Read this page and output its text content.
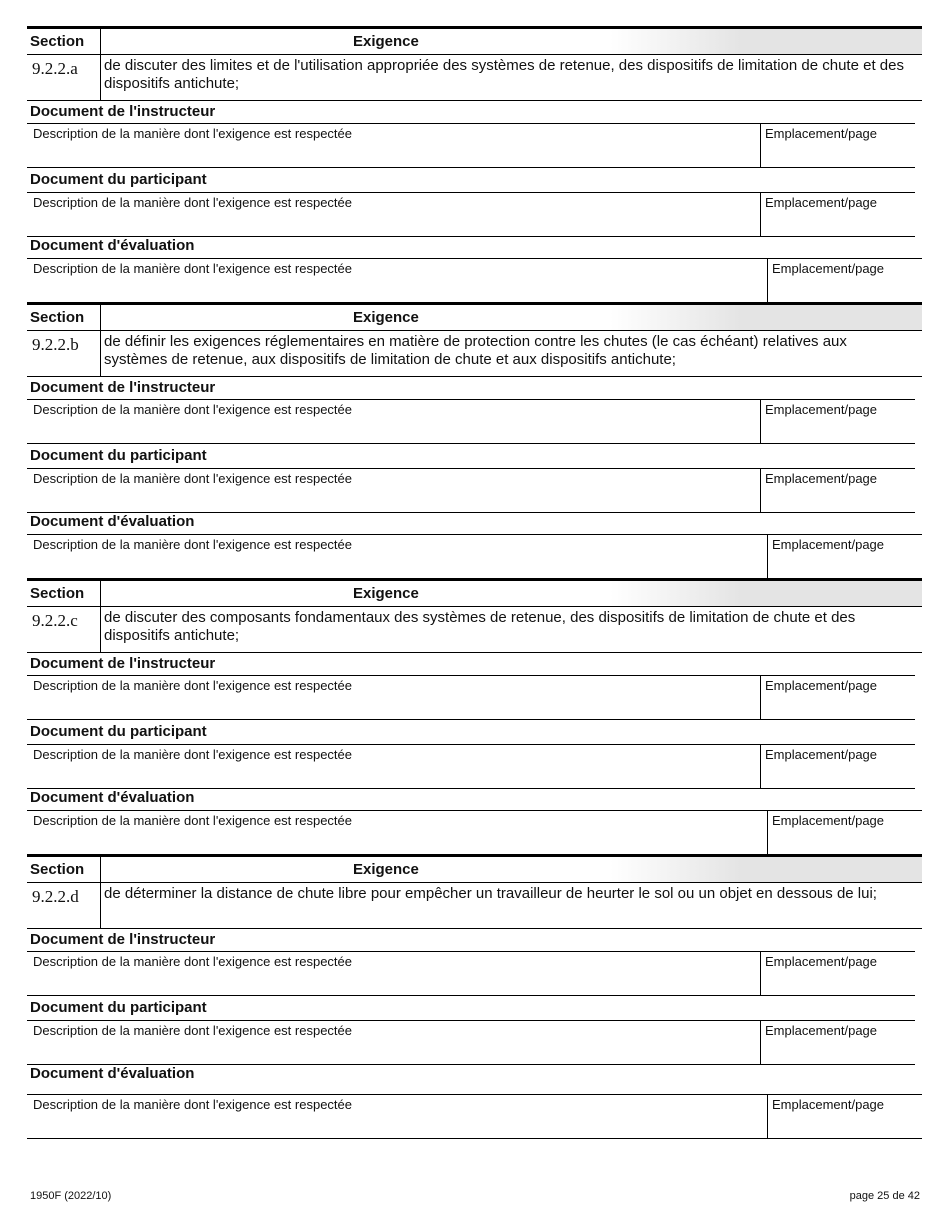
Section	Exigence
9.2.2.a	de discuter des limites et de l'utilisation appropriée des systèmes de retenue, des dispositifs de limitation de chute et des dispositifs antichute;
Document de l'instructeur
Description de la manière dont l'exigence est respectée	Emplacement/page
Document du participant
Description de la manière dont l'exigence est respectée	Emplacement/page
Document d'évaluation
Description de la manière dont l'exigence est respectée	Emplacement/page
Section	Exigence
9.2.2.b	de définir les exigences réglementaires en matière de protection contre les chutes (le cas échéant) relatives aux systèmes de retenue, aux dispositifs de limitation de chute et aux dispositifs antichute;
Document de l'instructeur
Description de la manière dont l'exigence est respectée	Emplacement/page
Document du participant
Description de la manière dont l'exigence est respectée	Emplacement/page
Document d'évaluation
Description de la manière dont l'exigence est respectée	Emplacement/page
Section	Exigence
9.2.2.c	de discuter des composants fondamentaux des systèmes de retenue, des dispositifs de limitation de chute et des dispositifs antichute;
Document de l'instructeur
Description de la manière dont l'exigence est respectée	Emplacement/page
Document du participant
Description de la manière dont l'exigence est respectée	Emplacement/page
Document d'évaluation
Description de la manière dont l'exigence est respectée	Emplacement/page
Section	Exigence
9.2.2.d	de déterminer la distance de chute libre pour empêcher un travailleur de heurter le sol ou un objet en dessous de lui;
Document de l'instructeur
Description de la manière dont l'exigence est respectée	Emplacement/page
Document du participant
Description de la manière dont l'exigence est respectée	Emplacement/page
Document d'évaluation
Description de la manière dont l'exigence est respectée	Emplacement/page
1950F (2022/10)	page 25 de 42
